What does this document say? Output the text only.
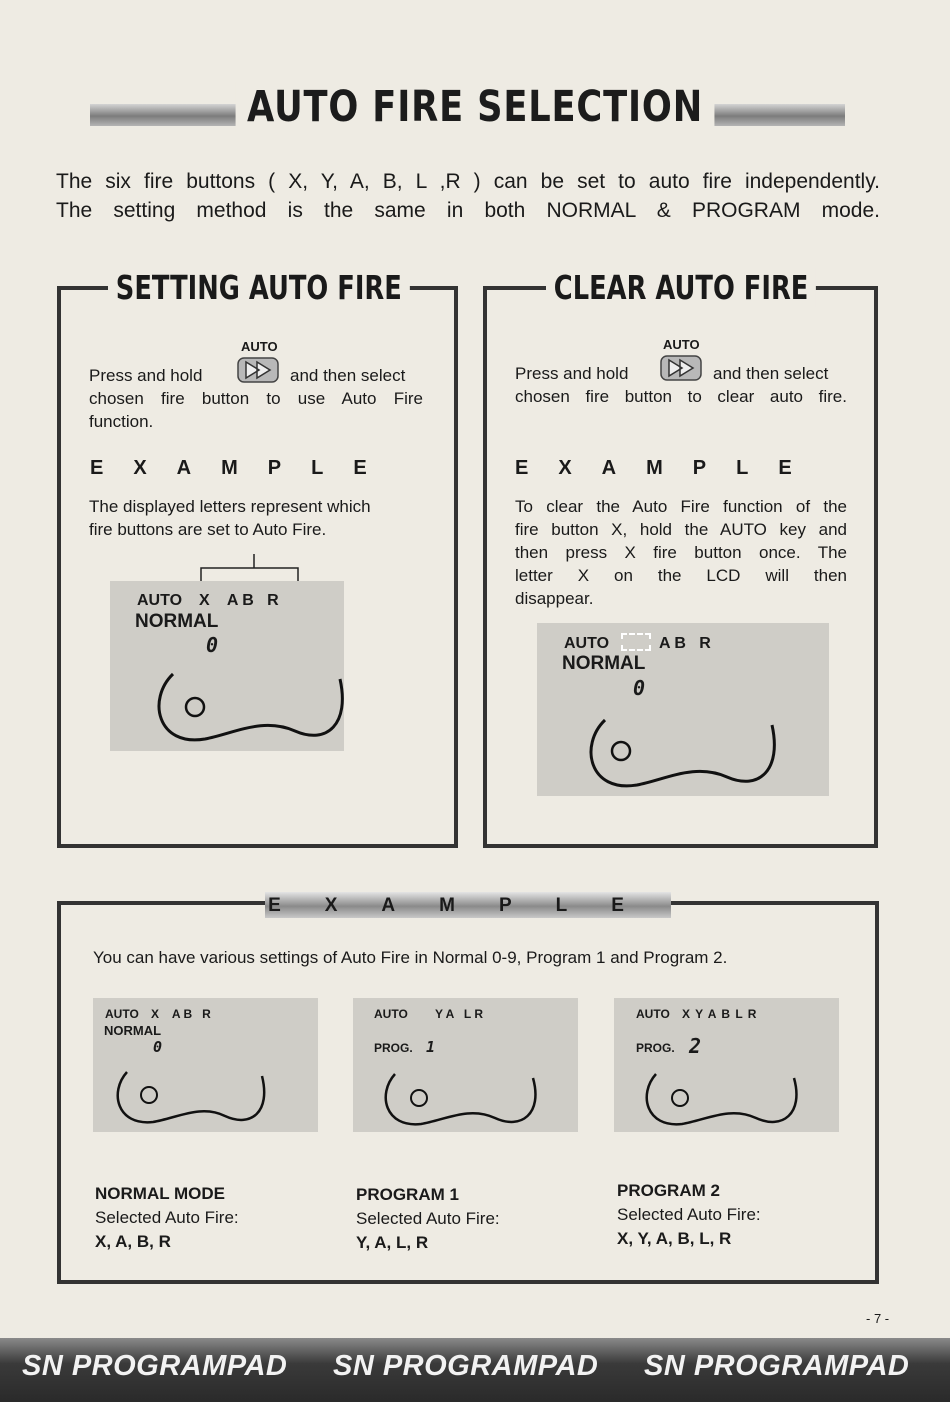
AUTO FIRE SELECTION

The six fire buttons ( X, Y, A, B, L ,R ) can be set to auto fire independently.

The setting method is the same in both NORMAL & PROGRAM mode.

SETTING AUTO FIRE
AUTO
Press and hold	and then select
chosen fire button to use Auto Fire
function.
EXAMPLE
The displayed letters represent which
fire buttons are set to Auto Fire.
AUTO X    A B   R
NORMAL
0
CLEAR AUTO FIRE
AUTO
Press and hold	and then select
chosen fire button to clear auto fire.
EXAMPLE
To clear the Auto Fire function of the
fire button X, hold the AUTO key and
then press X fire button once. The
letter X on the LCD will then
disappear.
AUTO	A B   R
NORMAL
0
EXAMPLE
You can have various settings of Auto Fire in Normal 0-9, Program 1 and Program 2.
AUTO X    A B   R
NORMAL
0
AUTO Y A   L R
PROG. 1
AUTO X Y A B L R
PROG. 2
NORMAL MODE
Selected Auto Fire:
X, A, B, R
PROGRAM 1
Selected Auto Fire:
Y, A, L, R
PROGRAM 2
Selected Auto Fire:
X, Y, A, B, L, R
- 7 -
SN PROGRAMPAD SN PROGRAMPAD SN PROGRAMPAD
